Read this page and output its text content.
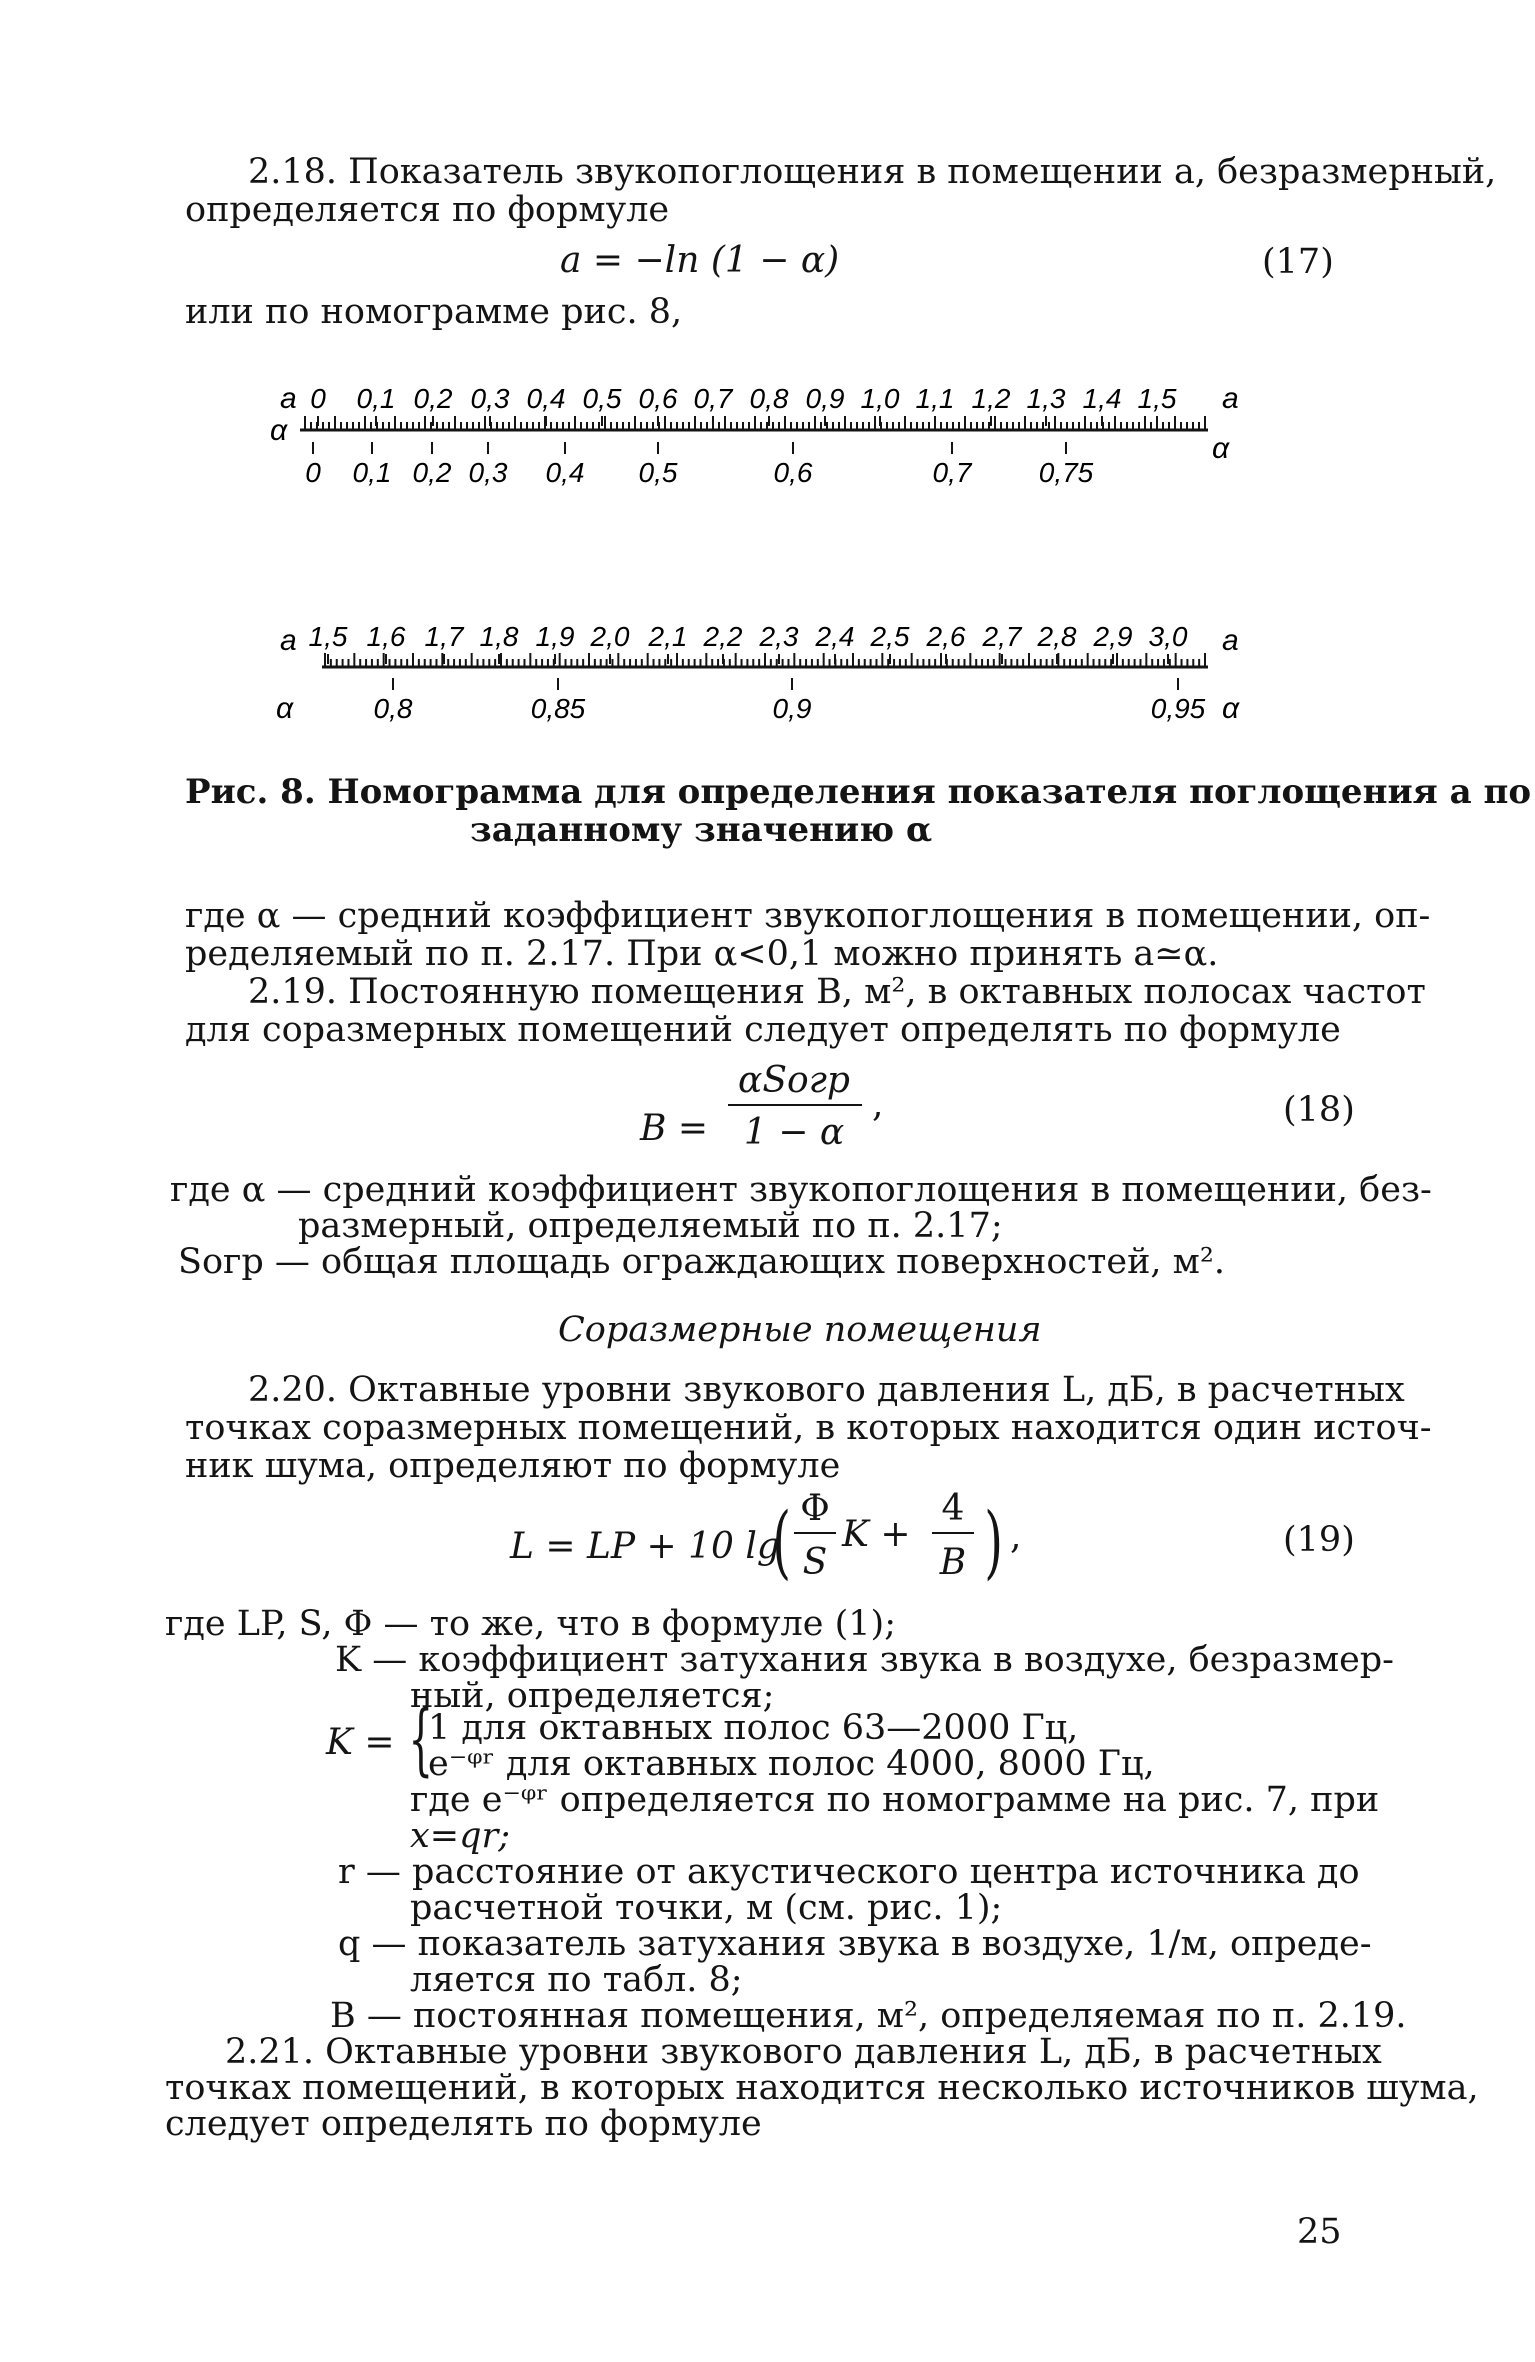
2.18. Показатель звукопоглощения в помещении a, безразмерный,
определяется по формуле
a = −ln (1 − α)	(17)
или по номограмме рис. 8,
a
α
a
α
0 0,1 0,2 0,3 0,4 0,5 0,6 0,7 0,8 0,9 1,0 1,1 1,2 1,3 1,4 1,5
0 0,1 0,2 0,3 0,4 0,5	0,6	0,7 0,75
a
α
a
α
1,5 1,6 1,7 1,8 1,9 2,0 2,1 2,2 2,3 2,4 2,5 2,6 2,7 2,8 2,9 3,0
0,8	0,85	0,9	0,95
Рис. 8. Номограмма для определения показателя поглощения a по
заданному значению α
где α — средний коэффициент звукопоглощения в помещении, оп-
ределяемый по п. 2.17. При α<0,1 можно принять a≃α.
2.19. Постоянную помещения B, м², в октавных полосах частот
для соразмерных помещений следует определять по формуле
B =
αSогр
1 − α
,	(18)
где α — средний коэффициент звукопоглощения в помещении, без-
размерный, определяемый по п. 2.17;
Sогр — общая площадь ограждающих поверхностей, м².
Соразмерные помещения
2.20. Октавные уровни звукового давления L, дБ, в расчетных
точках соразмерных помещений, в которых находится один источ-
ник шума, определяют по формуле
L = LP + 10 lg
( Φ
S
K +
4
B ) ,	(19)
где LP, S, Φ — то же, что в формуле (1);
K — коэффициент затухания звука в воздухе, безразмер-
ный, определяется;
K = {
1 для октавных полос 63—2000 Гц,
e⁻ᵠʳ для октавных полос 4000, 8000 Гц,
где e⁻ᵠʳ определяется по номограмме на рис. 7, при
x=qr;
r — расстояние от акустического центра источника до
расчетной точки, м (см. рис. 1);
q — показатель затухания звука в воздухе, 1/м, опреде-
ляется по табл. 8;
B — постоянная помещения, м², определяемая по п. 2.19.
2.21. Октавные уровни звукового давления L, дБ, в расчетных
точках помещений, в которых находится несколько источников шума,
следует определять по формуле
25
